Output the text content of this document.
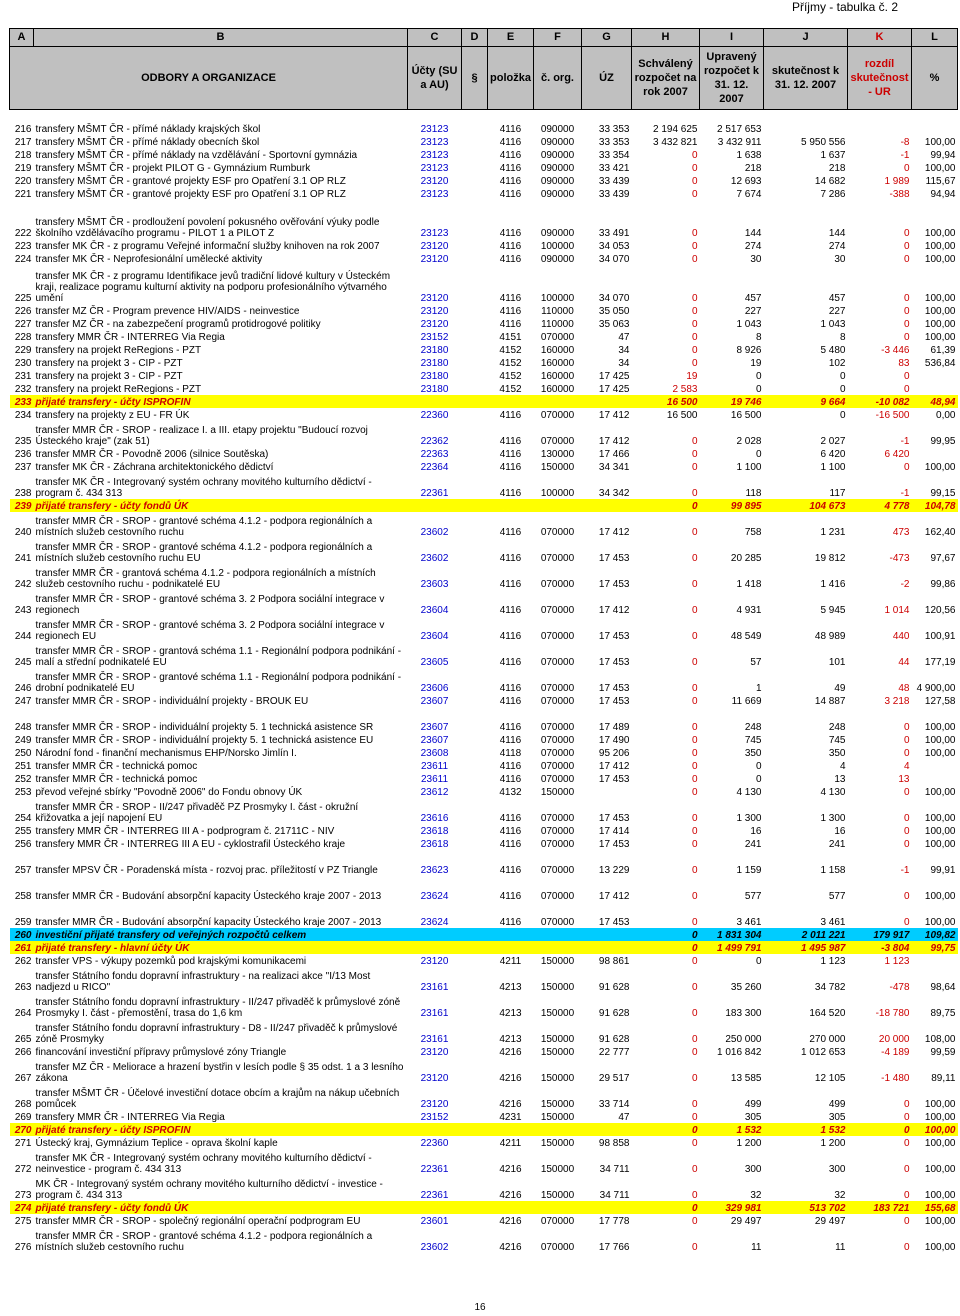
Příjmy - tabulka č. 2
A	B	C	D	E	F	G	H	I	J	K	L
ODBORY A ORGANIZACE		Účty (SU a AU)	§	položka	č. org.	ÚZ	Schválený rozpočet na rok 2007	Upravený rozpočet k 31. 12. 2007	skutečnost k 31. 12. 2007	rozdíl skutečnost - UR	%

216	transfery MŠMT ČR - přímé náklady krajských škol	23123		4116	090000	33 353	2 194 625	2 517 653			
217	transfery MŠMT ČR - přímé náklady obecních škol	23123		4116	090000	33 353	3 432 821	3 432 911	5 950 556	-8	100,00
218	transfery MŠMT ČR - přímé náklady na vzdělávání - Sportovní gymnázia	23123		4116	090000	33 354	0	1 638	1 637	-1	99,94
219	transfery MŠMT ČR - projekt PILOT G - Gymnázium Rumburk	23123		4116	090000	33 421	0	218	218	0	100,00
220	transfery MŠMT ČR - grantové projekty ESF pro Opatření 3.1 OP RLZ	23120		4116	090000	33 439	0	12 693	14 682	1 989	115,67
221	transfery MŠMT ČR - grantové projekty ESF pro Opatření 3.1 OP RLZ	23123		4116	090000	33 439	0	7 674	7 286	-388	94,94
222	transfery MŠMT ČR - prodloužení povolení pokusného ověřování výuky podle školního vzdělávacího programu - PILOT 1 a PILOT Z	23123		4116	090000	33 491	0	144	144	0	100,00
223	transfer MK ČR - z programu Veřejné informační služby knihoven na rok 2007	23120		4116	100000	34 053	0	274	274	0	100,00
224	transfer MK ČR - Neprofesionální umělecké aktivity	23120		4116	090000	34 070	0	30	30	0	100,00
225	transfer MK ČR - z programu Identifikace jevů tradiční lidové kultury v Ústeckém kraji, realizace pogramu kulturní aktivity na podporu profesionálního výtvarného umění	23120		4116	100000	34 070	0	457	457	0	100,00
226	transfer MZ ČR - Program prevence HIV/AIDS - neinvestice	23120		4116	110000	35 050	0	227	227	0	100,00
227	transfer MZ ČR - na zabezpečení programů protidrogové politiky	23120		4116	110000	35 063	0	1 043	1 043	0	100,00
228	transfery MMR ČR - INTERREG Via Regia	23152		4151	070000	47	0	8	8	0	100,00
229	transfery na projekt ReRegions - PZT	23180		4152	160000	34	0	8 926	5 480	-3 446	61,39
230	transfery na projekt 3 - CIP - PZT	23180		4152	160000	34	0	19	102	83	536,84
231	transfery na projekt 3 - CIP - PZT	23180		4152	160000	17 425	19	0	0	0	
232	transfery na projekt ReRegions - PZT	23180		4152	160000	17 425	2 583	0	0	0	
233	přijaté transfery - účty ISPROFIN						16 500	19 746	9 664	-10 082	48,94
234	transfery na projekty z EU - FR ÚK	22360		4116	070000	17 412	16 500	16 500	0	-16 500	0,00
235	transfer MMR ČR - SROP - realizace I. a III. etapy projektu "Budoucí rozvoj Ústeckého kraje" (zak 51)	22362		4116	070000	17 412	0	2 028	2 027	-1	99,95
236	transfer MMR ČR - Povodně 2006 (silnice Soutěska)	22363		4116	130000	17 466	0	0	6 420	6 420	
237	transfer MK ČR - Záchrana architektonického dědictví	22364		4116	150000	34 341	0	1 100	1 100	0	100,00
238	transfer MK ČR - Integrovaný systém ochrany movitého kulturního dědictví - program č. 434 313	22361		4116	100000	34 342	0	118	117	-1	99,15
239	přijaté transfery - účty fondů ÚK						0	99 895	104 673	4 778	104,78
240	transfer MMR ČR - SROP - grantové schéma 4.1.2 - podpora regionálních a místních služeb cestovního ruchu	23602		4116	070000	17 412	0	758	1 231	473	162,40
241	transfer MMR ČR - SROP - grantové schéma 4.1.2 - podpora regionálních a místních služeb cestovního ruchu EU	23602		4116	070000	17 453	0	20 285	19 812	-473	97,67
242	transfer MMR ČR - grantová schéma 4.1.2 - podpora regionálních a místních služeb cestovního ruchu - podnikatelé EU	23603		4116	070000	17 453	0	1 418	1 416	-2	99,86
243	transfer MMR ČR - SROP - grantové schéma 3. 2 Podpora sociální integrace v regionech	23604		4116	070000	17 412	0	4 931	5 945	1 014	120,56
244	transfer MMR ČR - SROP - grantové schéma 3. 2 Podpora sociální integrace v regionech EU	23604		4116	070000	17 453	0	48 549	48 989	440	100,91
245	transfer MMR ČR - SROP - grantová schéma 1.1 - Regionální podpora podnikání - malí a střední podnikatelé EU	23605		4116	070000	17 453	0	57	101	44	177,19
246	transfer MMR ČR - SROP - grantové schéma 1.1 - Regionální podpora podnikání - drobní podnikatelé EU	23606		4116	070000	17 453	0	1	49	48	4 900,00
247	transfer MMR ČR - SROP - individuální projekty - BROUK EU	23607		4116	070000	17 453	0	11 669	14 887	3 218	127,58
248	transfer MMR ČR - SROP - individuální projekty 5. 1 technická asistence SR	23607		4116	070000	17 489	0	248	248	0	100,00
249	transfer MMR ČR - SROP - individuální projekty 5. 1 technická asistence EU	23607		4116	070000	17 490	0	745	745	0	100,00
250	Národní fond - finanční mechanismus EHP/Norsko Jimlín I.	23608		4118	070000	95 206	0	350	350	0	100,00
251	transfer MMR ČR - technická pomoc	23611		4116	070000	17 412	0	0	4	4	
252	transfer MMR ČR - technická pomoc	23611		4116	070000	17 453	0	0	13	13	
253	převod veřejné sbírky "Povodně 2006" do Fondu obnovy ÚK	23612		4132	150000		0	4 130	4 130	0	100,00
254	transfer MMR ČR - SROP - II/247 přivaděč PZ Prosmyky I. část - okružní křižovatka a její napojení EU	23616		4116	070000	17 453	0	1 300	1 300	0	100,00
255	transfery MMR ČR - INTERREG III A - podprogram č. 21711C - NIV	23618		4116	070000	17 414	0	16	16	0	100,00
256	transfery MMR ČR - INTERREG III A EU - cyklostrafil Ústeckého kraje	23618		4116	070000	17 453	0	241	241	0	100,00
257	transfer MPSV ČR - Poradenská místa - rozvoj prac. příležitostí v PZ Triangle	23623		4116	070000	13 229	0	1 159	1 158	-1	99,91
258	transfer MMR ČR - Budování absorpční kapacity Ústeckého kraje 2007 - 2013	23624		4116	070000	17 412	0	577	577	0	100,00
259	transfer MMR ČR - Budování absorpční kapacity Ústeckého kraje 2007 - 2013	23624		4116	070000	17 453	0	3 461	3 461	0	100,00
260	investiční přijaté transfery od veřejných rozpočtů celkem						0	1 831 304	2 011 221	179 917	109,82
261	přijaté transfery - hlavní účty ÚK						0	1 499 791	1 495 987	-3 804	99,75
262	transfer VPS - výkupy pozemků pod krajskými komunikacemi	23120		4211	150000	98 861	0	0	1 123	1 123	
263	transfer Státního fondu dopravní infrastruktury - na realizaci akce "I/13 Most nadjezd u RICO"	23161		4213	150000	91 628	0	35 260	34 782	-478	98,64
264	transfer Státního fondu dopravní infrastruktury - II/247 přivaděč k průmyslové zóně Prosmyky I. část - přemostění, trasa do 1,6 km	23161		4213	150000	91 628	0	183 300	164 520	-18 780	89,75
265	transfer Státního fondu dopravní infrastruktury - D8 - II/247 přivaděč k průmyslové zóně Prosmyky	23161		4213	150000	91 628	0	250 000	270 000	20 000	108,00
266	financování investiční přípravy průmyslové zóny Triangle	23120		4216	150000	22 777	0	1 016 842	1 012 653	-4 189	99,59
267	transfer MZ ČR - Meliorace a hrazení bystřin v lesích podle § 35 odst. 1 a 3 lesního zákona	23120		4216	150000	29 517	0	13 585	12 105	-1 480	89,11
268	transfer MŠMT ČR - Účelové investiční dotace obcím a krajům na nákup učebních pomůcek	23120		4216	150000	33 714	0	499	499	0	100,00
269	transfery MMR ČR - INTERREG Via Regia	23152		4231	150000	47	0	305	305	0	100,00
270	přijaté transfery - účty ISPROFIN						0	1 532	1 532	0	100,00
271	Ústecký kraj, Gymnázium Teplice - oprava školní kaple	22360		4211	150000	98 858	0	1 200	1 200	0	100,00
272	transfer MK ČR - Integrovaný systém ochrany movitého kulturního dědictví - neinvestice - program č. 434 313	22361		4216	150000	34 711	0	300	300	0	100,00
273	MK ČR - Integrovaný systém ochrany movitého kulturního dědictví - investice - program č. 434 313	22361		4216	150000	34 711	0	32	32	0	100,00
274	přijaté transfery - účty fondů ÚK						0	329 981	513 702	183 721	155,68
275	transfer MMR ČR - SROP - společný regionální operační podprogram EU	23601		4216	070000	17 778	0	29 497	29 497	0	100,00
276	transfer MMR ČR - SROP - grantové schéma 4.1.2 - podpora regionálních a místních služeb cestovního ruchu	23602		4216	070000	17 766	0	11	11	0	100,00
16
